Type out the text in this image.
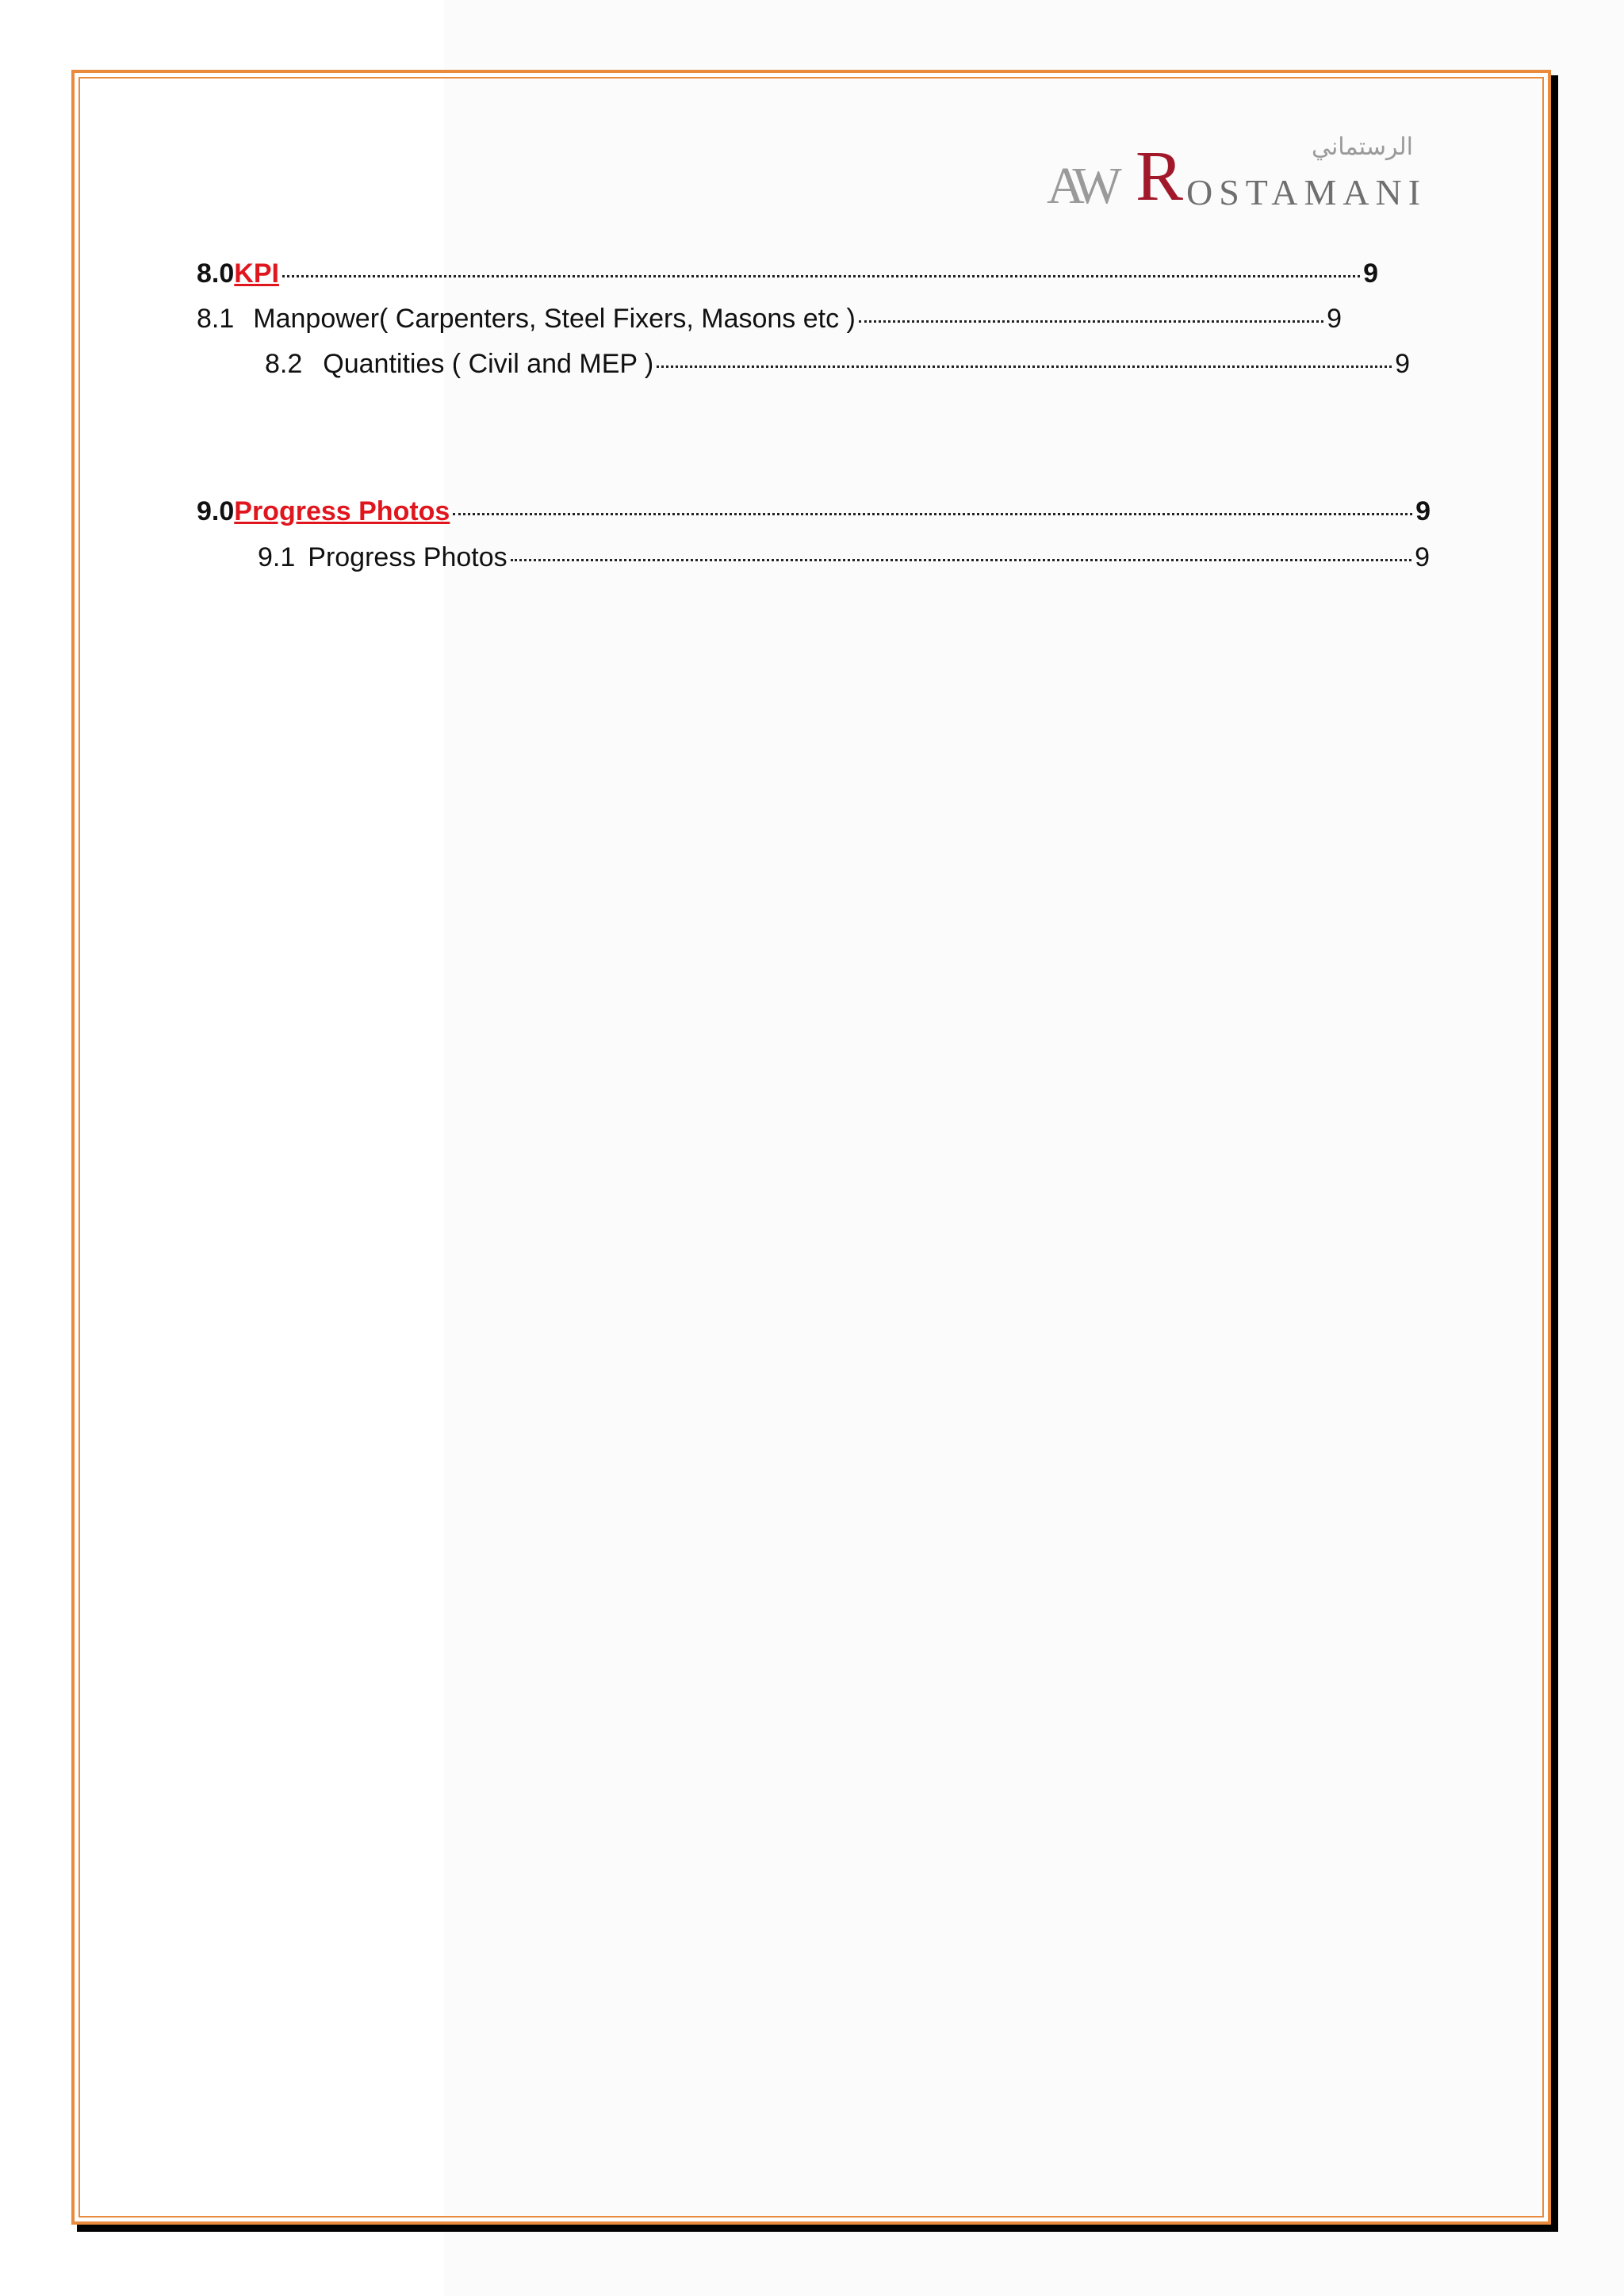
الرستماني
AW R OSTAMANI
8.0 KPI	9
8.1 Manpower( Carpenters, Steel Fixers, Masons etc )	9
8.2 Quantities ( Civil and MEP )	9
9.0 Progress Photos	9
9.1 Progress Photos	9
